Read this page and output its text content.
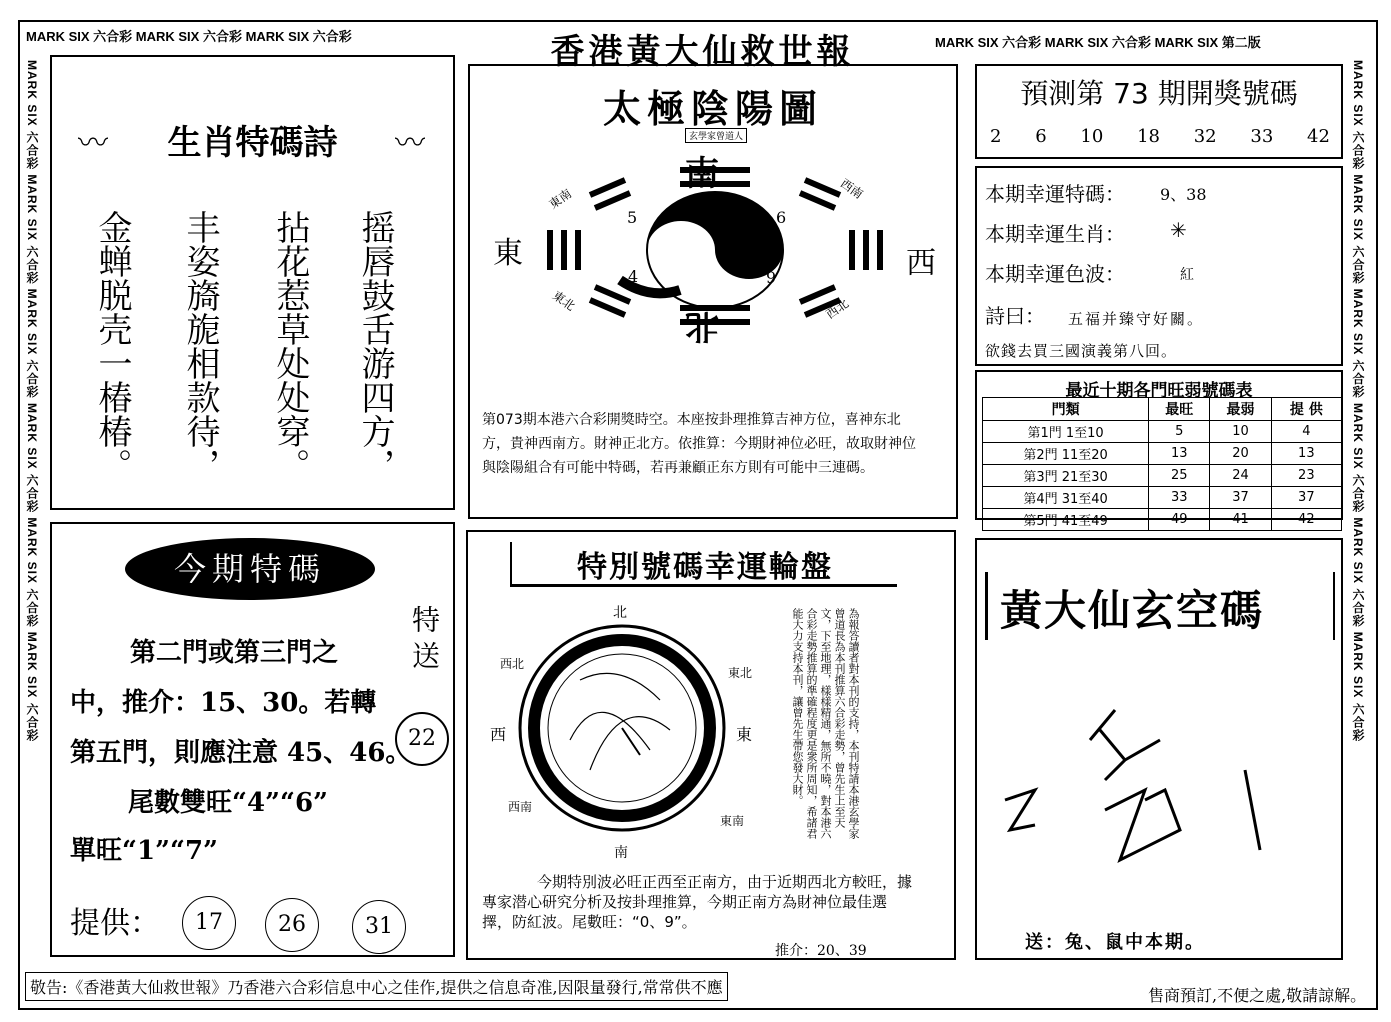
MARK SIX 六合彩 MARK SIX 六合彩 MARK SIX 六合彩	MARK SIX 六合彩 MARK SIX 六合彩 MARK SIX 第二版
MARK SIX 六合彩 MARK SIX 六合彩 MARK SIX 六合彩 MARK SIX 六合彩 MARK SIX 六合彩 MARK SIX 六合彩	MARK SIX 六合彩 MARK SIX 六合彩 MARK SIX 六合彩 MARK SIX 六合彩 MARK SIX 六合彩 MARK SIX 六合彩
香港黃大仙救世報
生肖特碼詩
〰	〰
摇唇鼓舌游四方，
拈花惹草处处穿。
丰姿旖旎相款待，
金蝉脱壳一椿椿。
太極陰陽圖
玄學家曾道人
南
北
東	西
東南	西南
東北	西北
5	6
8
3
4	9
第073期本港六合彩開獎時空。本座按卦理推算吉神方位，喜神东北方，貴神西南方。財神正北方。依推算：今期財神位必旺，故取財神位與陰陽組合有可能中特碼，若再兼顧正东方則有可能中三連碼。
預測第 73 期開獎號碼
2 6 10 18 32 33 42
本期幸運特碼： 9、38
本期幸運生肖： ✳
本期幸運色波：	紅
詩曰： 五福并臻守好關。
欲錢去買三國演義第八回。
最近十期各門旺弱號碼表
門類	最旺	最弱	提 供
第1門 1至10	5	10	4
第2門 11至20	13	20	13
第3門 21至30	25	24	23
第4門 31至40	33	37	37
第5門 41至49	49	41	42
今期特碼
第二門或第三門之
中，推介：15、30。若轉
第五門，則應注意 45、46。
尾數雙旺“4”“6”
單旺“1”“7”
特送
22
提供：	17	26	31
特別號碼幸運輪盤
北
南
東
西
東北
西北
東南
西南	為報答讀者對本刊的支持，本刊特請本港玄學家曾道長為本刊推算六合彩走勢，曾先生上至天文，下至地理，樣樣精通，無所不曉，對本港六合彩走勢推算的準確程度更是衆所周知，希諸君能大力支持本刊，讓曾先生帶您發大財。
今期特別波必旺正西至正南方，由于近期西北方較旺，據專家潜心研究分析及按卦理推算，今期正南方為財神位最佳選擇，防紅波。尾數旺：“0、9”。
推介：20、39
黃大仙玄空碼
送：兔、鼠中本期。
敬告:《香港黃大仙救世報》乃香港六合彩信息中心之佳作,提供之信息奇准,因限量發行,常常供不應	售商預訂,不便之處,敬請諒解。
